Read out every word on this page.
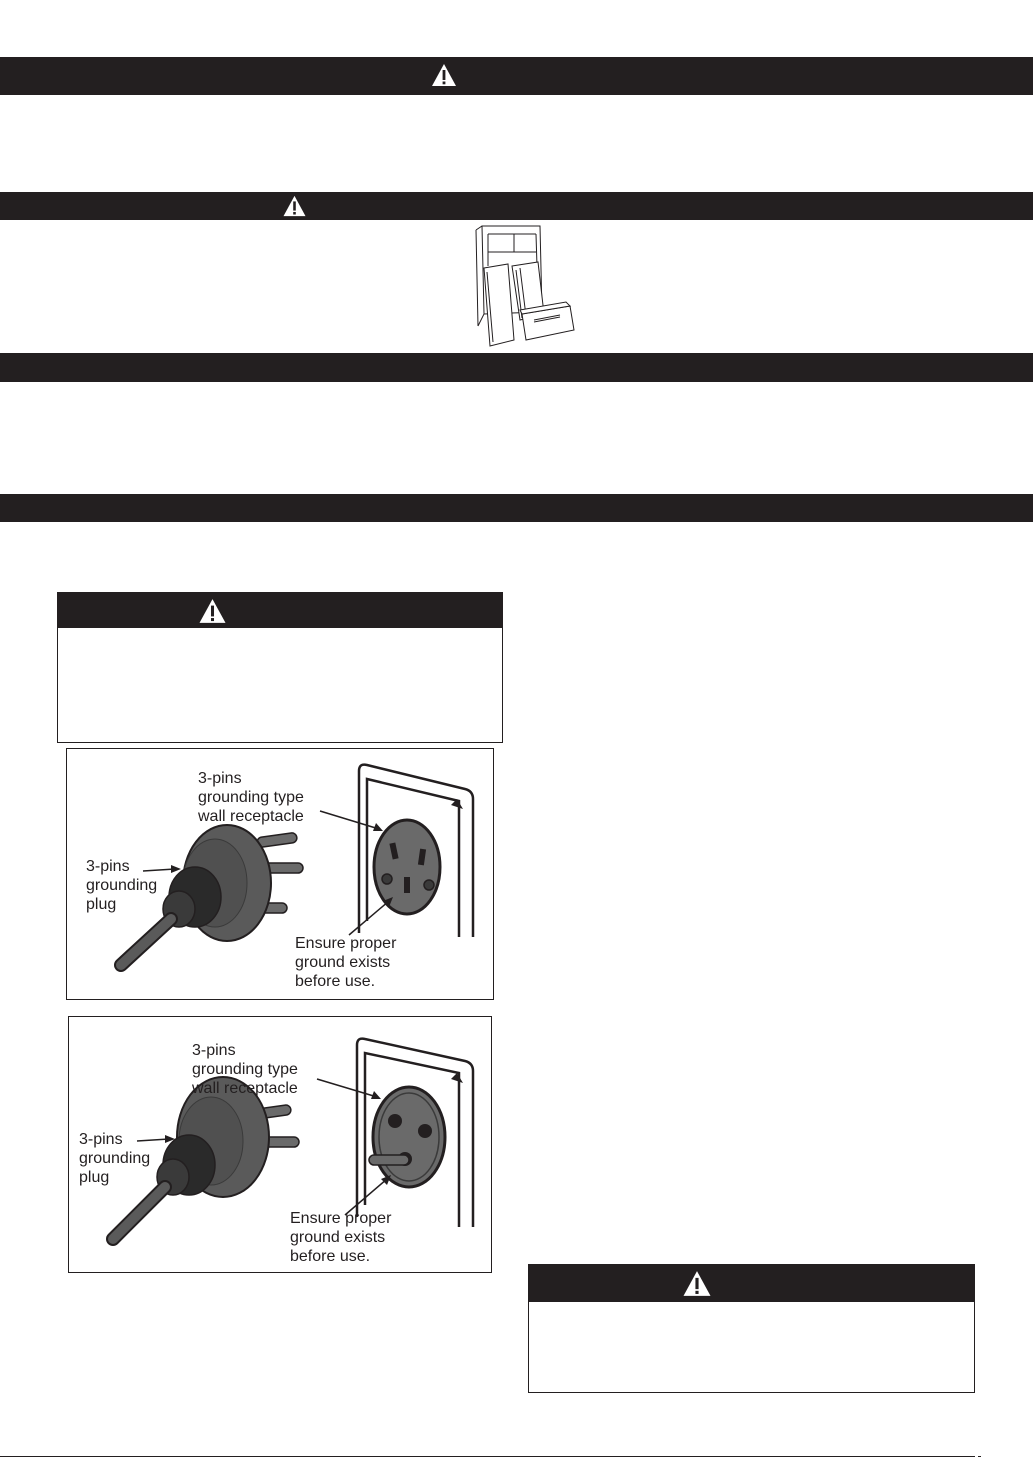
3-pins
grounding type
wall receptacle
3-pins
grounding
plug
Ensure proper
ground exists
before use.
3-pins
grounding type
wall receptacle
3-pins
grounding
plug
Ensure proper
ground exists
before use.
